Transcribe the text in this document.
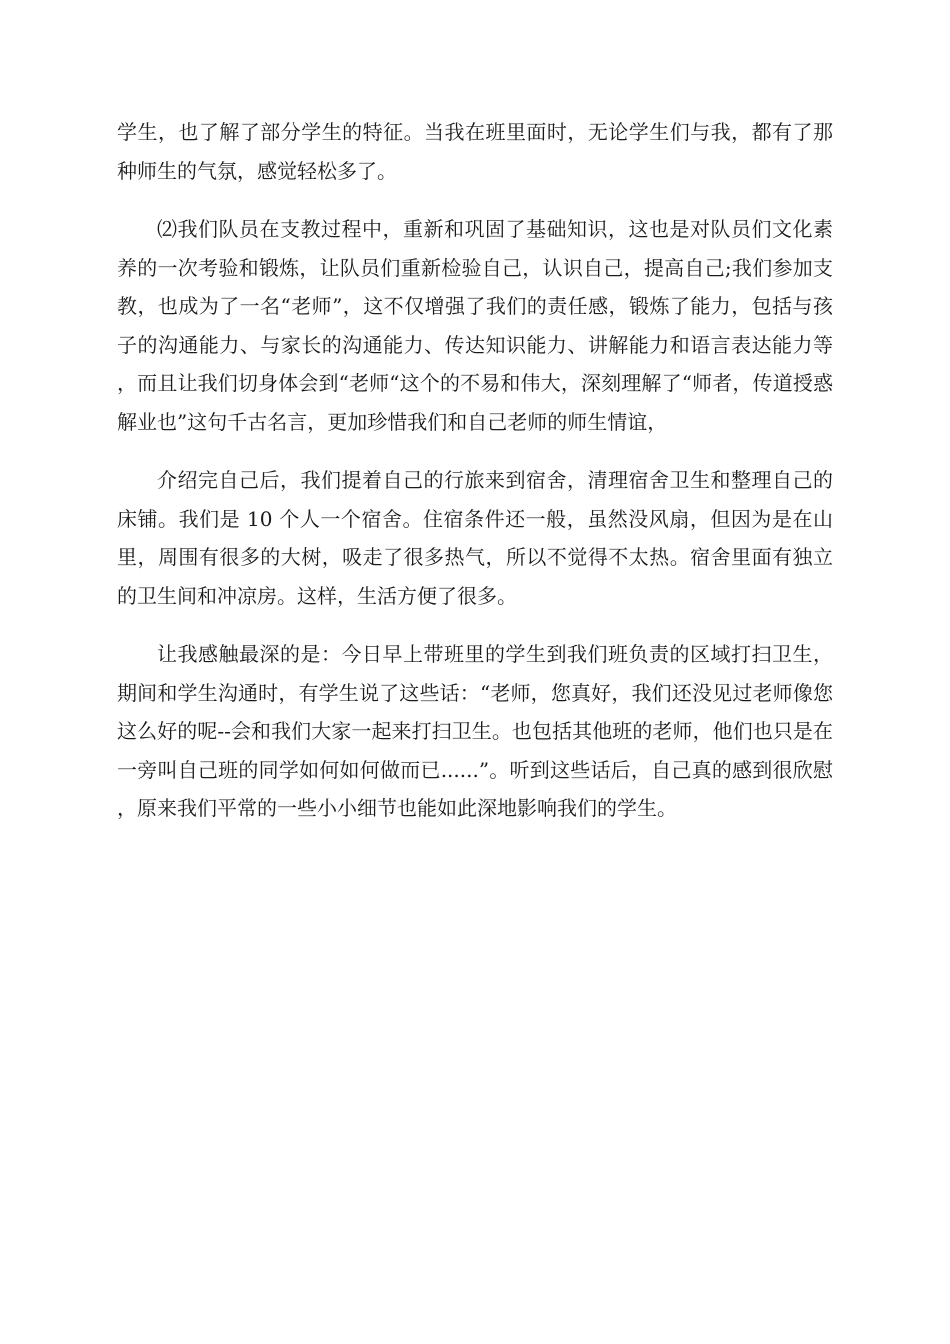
学生，也了解了部分学生的特征。当我在班里面时，无论学生们与我，都有了那种师生的气氛，感觉轻松多了。

⑵我们队员在支教过程中，重新和巩固了基础知识，这也是对队员们文化素养的一次考验和锻炼，让队员们重新检验自己，认识自己，提高自己;我们参加支教，也成为了一名“老师”，这不仅增强了我们的责任感，锻炼了能力，包括与孩子的沟通能力、与家长的沟通能力、传达知识能力、讲解能力和语言表达能力等，而且让我们切身体会到“老师“这个的不易和伟大，深刻理解了“师者，传道授惑解业也”这句千古名言，更加珍惜我们和自己老师的师生情谊，

介绍完自己后，我们提着自己的行旅来到宿舍，清理宿舍卫生和整理自己的床铺。我们是 10 个人一个宿舍。住宿条件还一般，虽然没风扇，但因为是在山里，周围有很多的大树，吸走了很多热气，所以不觉得不太热。宿舍里面有独立的卫生间和冲凉房。这样，生活方便了很多。

让我感触最深的是：今日早上带班里的学生到我们班负责的区域打扫卫生，期间和学生沟通时，有学生说了这些话：“老师，您真好，我们还没见过老师像您这么好的呢--会和我们大家一起来打扫卫生。也包括其他班的老师，他们也只是在一旁叫自己班的同学如何如何做而已......”。听到这些话后，自己真的感到很欣慰，原来我们平常的一些小小细节也能如此深地影响我们的学生。
